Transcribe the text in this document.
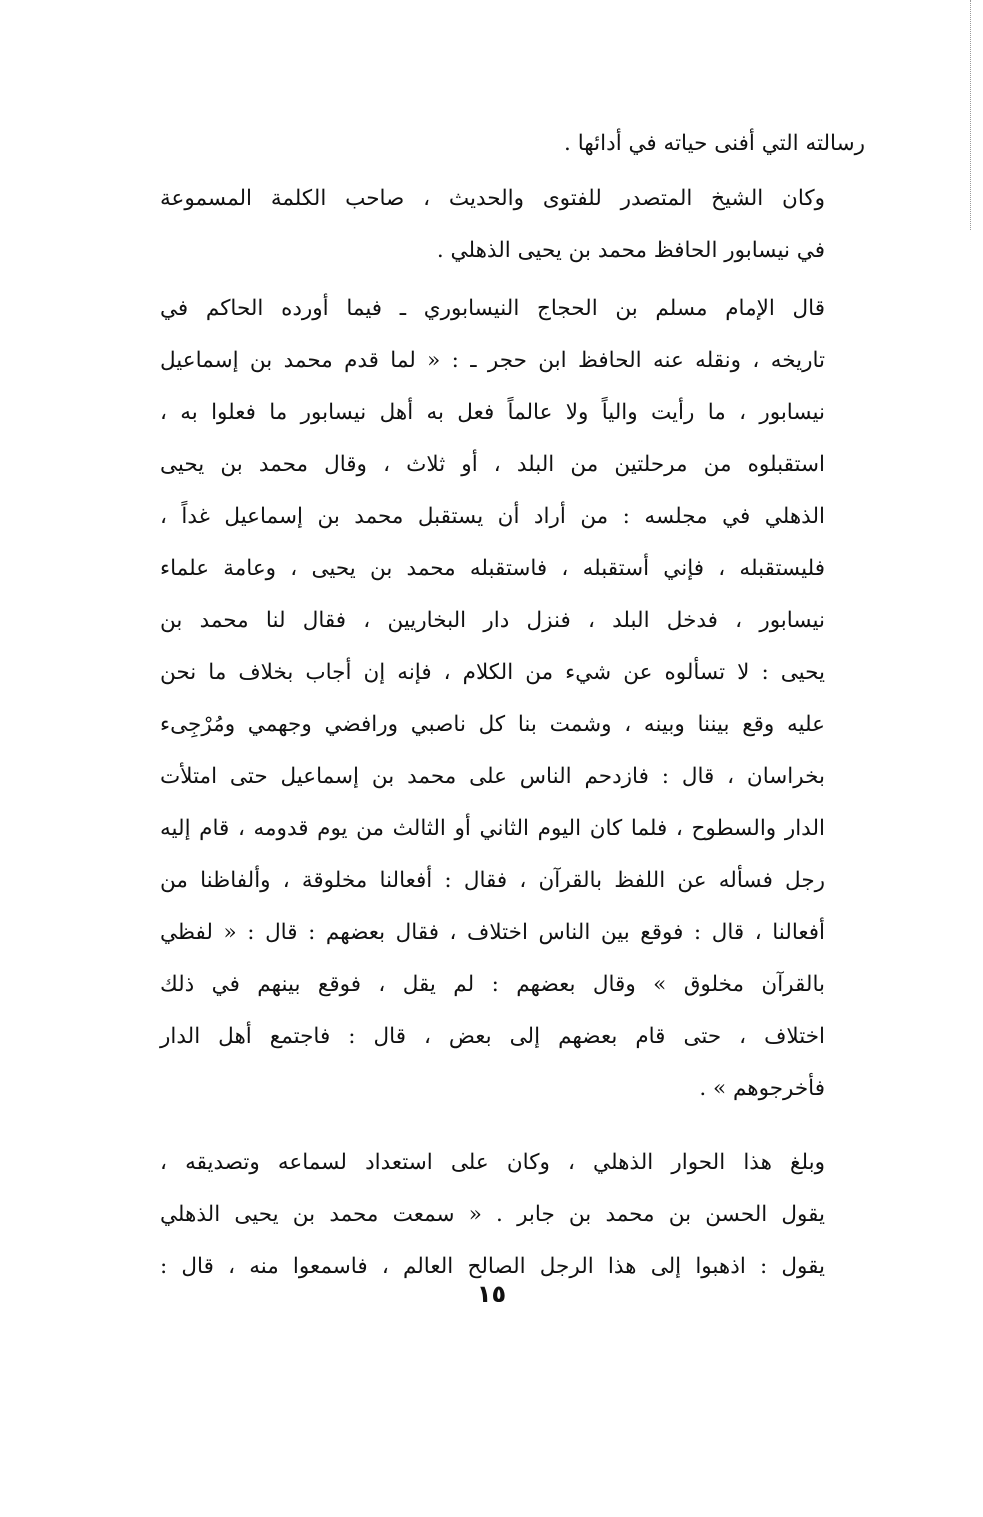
رسالته التي أفنى حياته في أدائها .
وكان الشيخ المتصدر للفتوى والحديث ، صاحب الكلمة المسموعة
في نيسابور الحافظ محمد بن يحيى الذهلي .
قال الإمام مسلم بن الحجاج النيسابوري ـ فيما أورده الحاكم في
تاريخه ، ونقله عنه الحافظ ابن حجر ـ : « لما قدم محمد بن إسماعيل
نيسابور ، ما رأيت والياً ولا عالماً فعل به أهل نيسابور ما فعلوا به ،
استقبلوه من مرحلتين من البلد ، أو ثلاث ، وقال محمد بن يحيى
الذهلي في مجلسه : من أراد أن يستقبل محمد بن إسماعيل غداً ،
فليستقبله ، فإني أستقبله ، فاستقبله محمد بن يحيى ، وعامة علماء
نيسابور ، فدخل البلد ، فنزل دار البخاريين ، فقال لنا محمد بن
يحيى : لا تسألوه عن شيء من الكلام ، فإنه إن أجاب بخلاف ما نحن
عليه وقع بيننا وبينه ، وشمت بنا كل ناصبي ورافضي وجهمي ومُرْجِىء
بخراسان ، قال : فازدحم الناس على محمد بن إسماعيل حتى امتلأت
الدار والسطوح ، فلما كان اليوم الثاني أو الثالث من يوم قدومه ، قام إليه
رجل فسأله عن اللفظ بالقرآن ، فقال : أفعالنا مخلوقة ، وألفاظنا من
أفعالنا ، قال : فوقع بين الناس اختلاف ، فقال بعضهم : قال : « لفظي
بالقرآن مخلوق » وقال بعضهم : لم يقل ، فوقع بينهم في ذلك
اختلاف ، حتى قام بعضهم إلى بعض ، قال : فاجتمع أهل الدار
فأخرجوهم » .
وبلغ هذا الحوار الذهلي ، وكان على استعداد لسماعه وتصديقه ،
يقول الحسن بن محمد بن جابر . « سمعت محمد بن يحيى الذهلي
يقول : اذهبوا إلى هذا الرجل الصالح العالم ، فاسمعوا منه ، قال :
١٥
